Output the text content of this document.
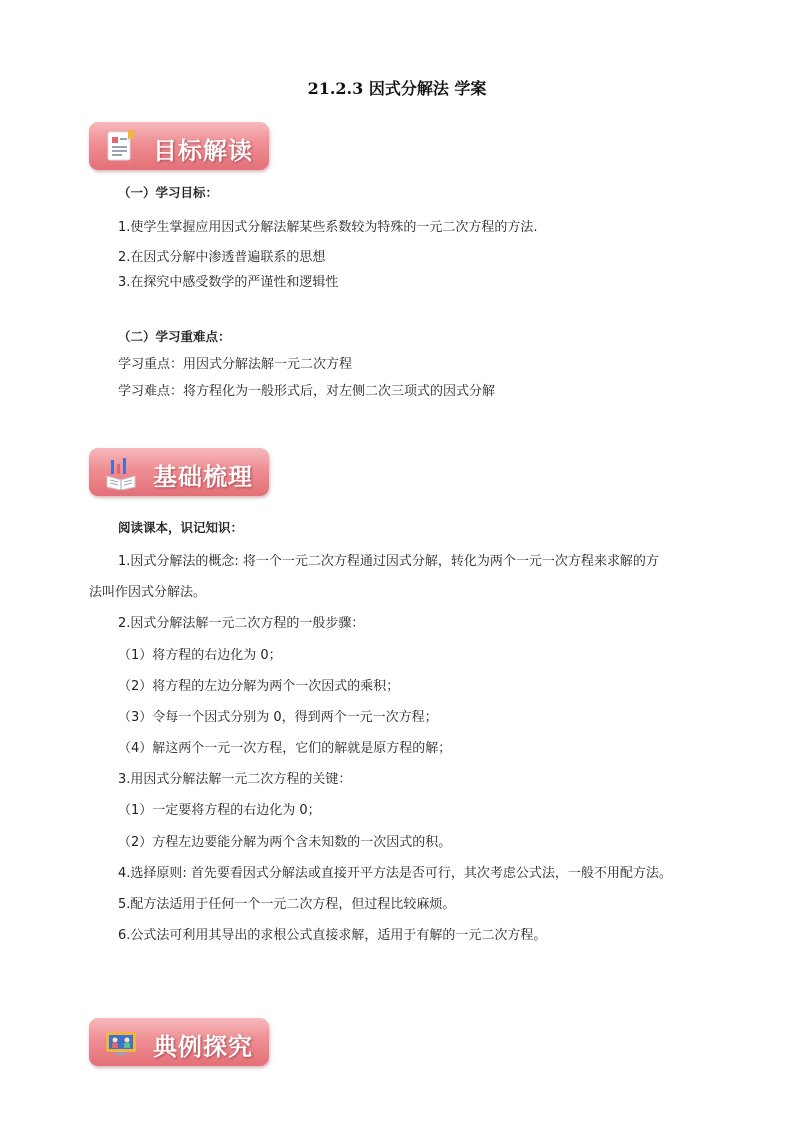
21.2.3 因式分解法 学案
目标解读
（一）学习目标：
1.使学生掌握应用因式分解法解某些系数较为特殊的一元二次方程的方法.
2.在因式分解中渗透普遍联系的思想
3.在探究中感受数学的严谨性和逻辑性
（二）学习重难点：
学习重点：用因式分解法解一元二次方程
学习难点：将方程化为一般形式后，对左侧二次三项式的因式分解
基础梳理
阅读课本，识记知识：
1.因式分解法的概念: 将一个一元二次方程通过因式分解，转化为两个一元一次方程来求解的方
法叫作因式分解法。
2.因式分解法解一元二次方程的一般步骤：
（1）将方程的右边化为 0；
（2）将方程的左边分解为两个一次因式的乘积；
（3）令每一个因式分别为 0，得到两个一元一次方程；
（4）解这两个一元一次方程，它们的解就是原方程的解；
3.用因式分解法解一元二次方程的关键：
（1）一定要将方程的右边化为 0；
（2）方程左边要能分解为两个含未知数的一次因式的积。
4.选择原则: 首先要看因式分解法或直接开平方法是否可行，其次考虑公式法，一般不用配方法。
5.配方法适用于任何一个一元二次方程，但过程比较麻烦。
6.公式法可利用其导出的求根公式直接求解，适用于有解的一元二次方程。
典例探究
